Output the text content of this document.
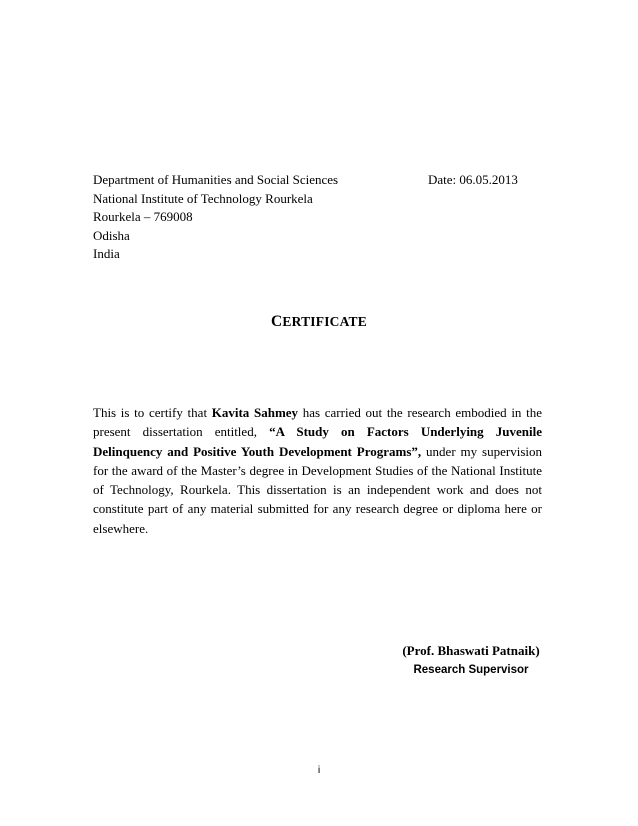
Department of Humanities and Social Sciences
National Institute of Technology Rourkela
Rourkela – 769008
Odisha
India
Date: 06.05.2013
CERTIFICATE
This is to certify that Kavita Sahmey has carried out the research embodied in the present dissertation entitled, “A Study on Factors Underlying Juvenile Delinquency and Positive Youth Development Programs”, under my supervision for the award of the Master’s degree in Development Studies of the National Institute of Technology, Rourkela. This dissertation is an independent work and does not constitute part of any material submitted for any research degree or diploma here or elsewhere.
(Prof. Bhaswati Patnaik)
Research Supervisor
i
